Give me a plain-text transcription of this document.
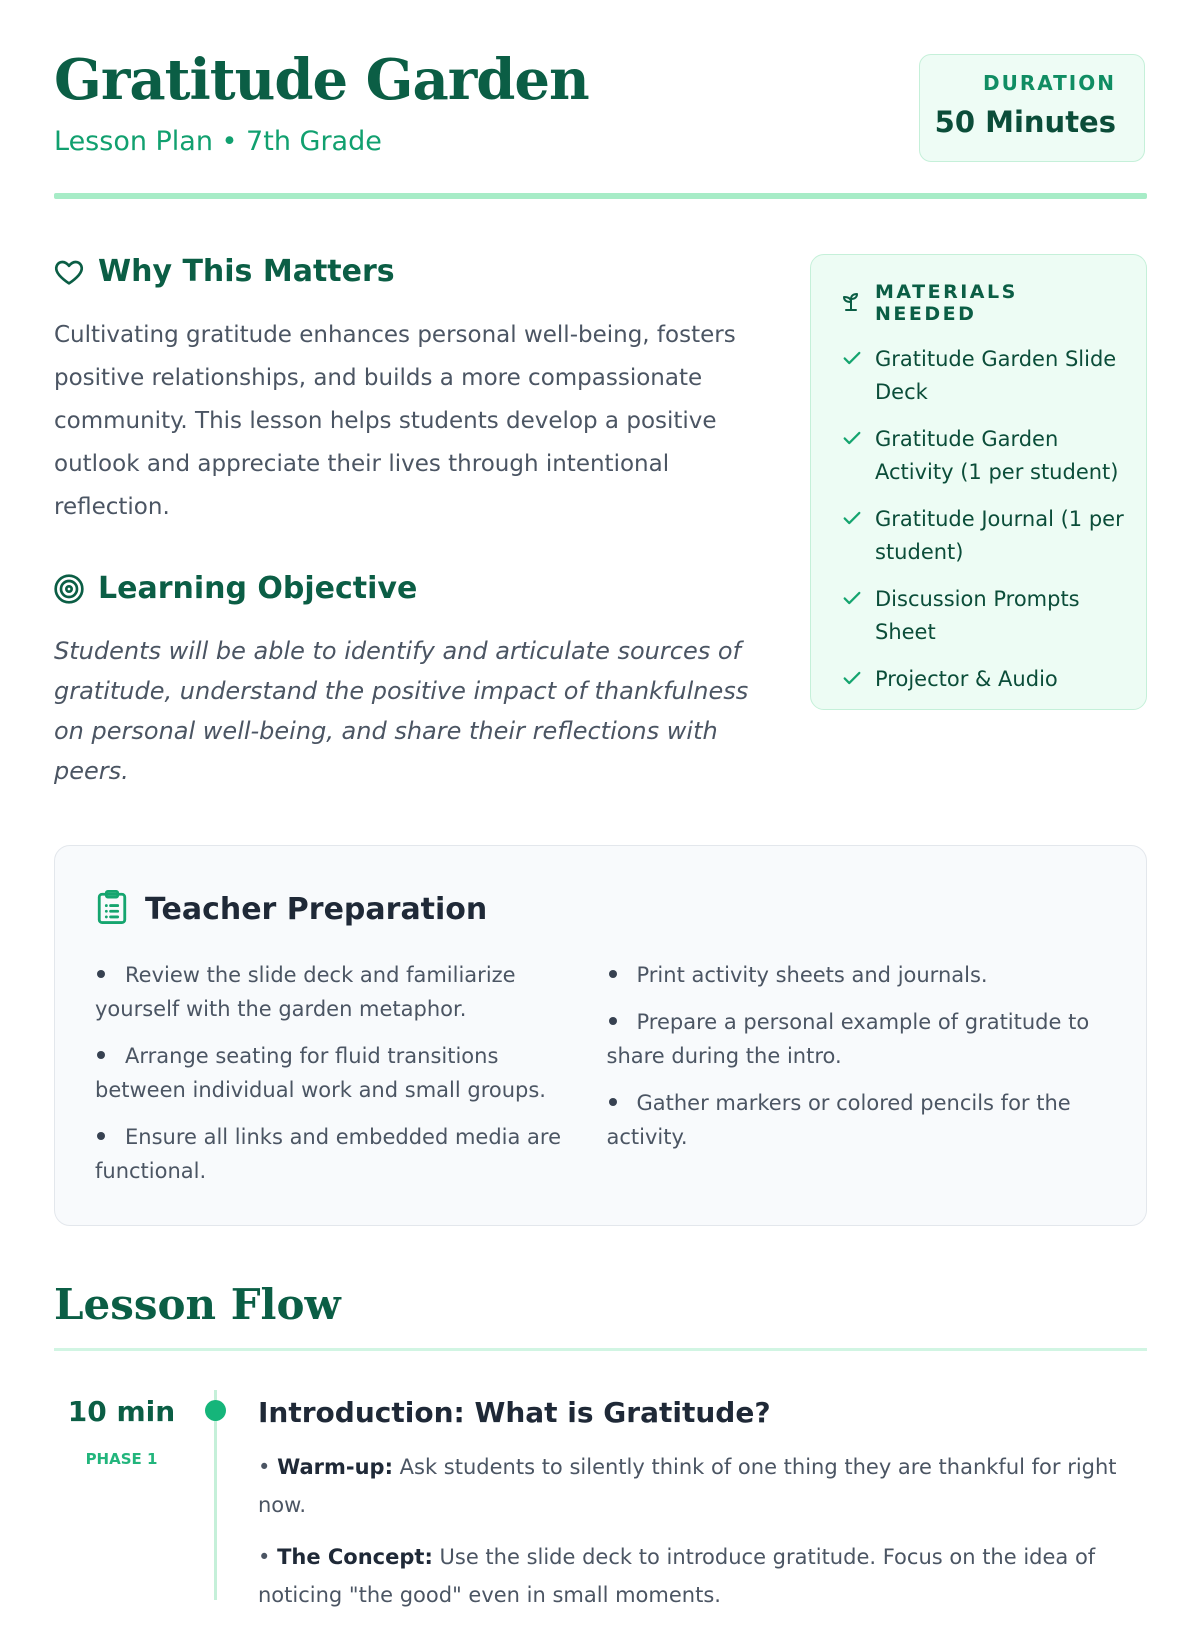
Gratitude Garden
Lesson Plan • 7th Grade
DURATION
50 Minutes
Why This Matters

Cultivating gratitude enhances personal well-being, fosters positive relationships, and builds a more compassionate community. This lesson helps students develop a positive outlook and appreciate their lives through intentional reflection.

Learning Objective

Students will be able to identify and articulate sources of gratitude, understand the positive impact of thankfulness on personal well-being, and share their reflections with peers.

MATERIALS NEEDED
Gratitude Garden Slide Deck
Gratitude Garden Activity (1 per student)
Gratitude Journal (1 per student)
Discussion Prompts Sheet
Projector & Audio
Teacher Preparation
Review the slide deck and familiarize yourself with the garden metaphor.
Arrange seating for fluid transitions between individual work and small groups.
Ensure all links and embedded media are functional.
Print activity sheets and journals.
Prepare a personal example of gratitude to share during the intro.
Gather markers or colored pencils for the activity.
Lesson Flow
10 min
PHASE 1
Introduction: What is Gratitude?

• Warm-up: Ask students to silently think of one thing they are thankful for right now.

• The Concept: Use the slide deck to introduce gratitude. Focus on the idea of noticing "the good" even in small moments.
